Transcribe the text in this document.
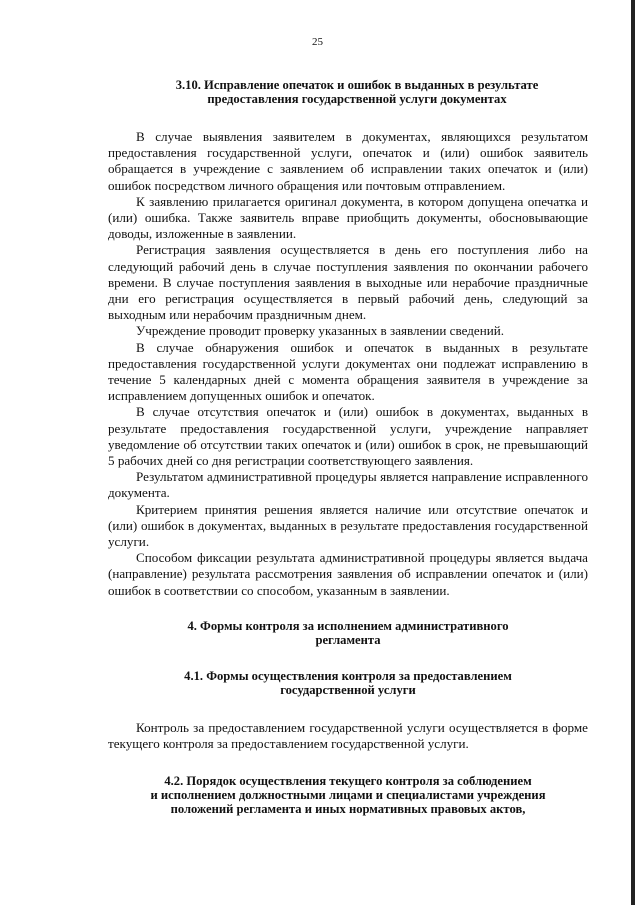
25
3.10. Исправление опечаток и ошибок в выданных в результате
предоставления государственной услуги документах

В случае выявления заявителем в документах, являющихся результатом предоставления государственной услуги, опечаток и (или) ошибок заявитель обращается в учреждение с заявлением об исправлении таких опечаток и (или) ошибок посредством личного обращения или почтовым отправлением.

К заявлению прилагается оригинал документа, в котором допущена опечатка и (или) ошибка. Также заявитель вправе приобщить документы, обосновывающие доводы, изложенные в заявлении.

Регистрация заявления осуществляется в день его поступления либо на следующий рабочий день в случае поступления заявления по окончании рабочего времени. В случае поступления заявления в выходные или нерабочие праздничные дни его регистрация осуществляется в первый рабочий день, следующий за выходным или нерабочим праздничным днем.

Учреждение проводит проверку указанных в заявлении сведений.

В случае обнаружения ошибок и опечаток в выданных в результате предоставления государственной услуги документах они подлежат исправлению в течение 5 календарных дней с момента обращения заявителя в учреждение за исправлением допущенных ошибок и опечаток.

В случае отсутствия опечаток и (или) ошибок в документах, выданных в результате предоставления государственной услуги, учреждение направляет уведомление об отсутствии таких опечаток и (или) ошибок в срок, не превышающий 5 рабочих дней со дня регистрации соответствующего заявления.

Результатом административной процедуры является направление исправленного документа.

Критерием принятия решения является наличие или отсутствие опечаток и (или) ошибок в документах, выданных в результате предоставления государственной услуги.

Способом фиксации результата административной процедуры является выдача (направление) результата рассмотрения заявления об исправлении опечаток и (или) ошибок в соответствии со способом, указанным в заявлении.

4. Формы контроля за исполнением административного
регламента
4.1. Формы осуществления контроля за предоставлением
государственной услуги

Контроль за предоставлением государственной услуги осуществляется в форме текущего контроля за предоставлением государственной услуги.

4.2. Порядок осуществления текущего контроля за соблюдением
и исполнением должностными лицами и специалистами учреждения
положений регламента и иных нормативных правовых актов,
